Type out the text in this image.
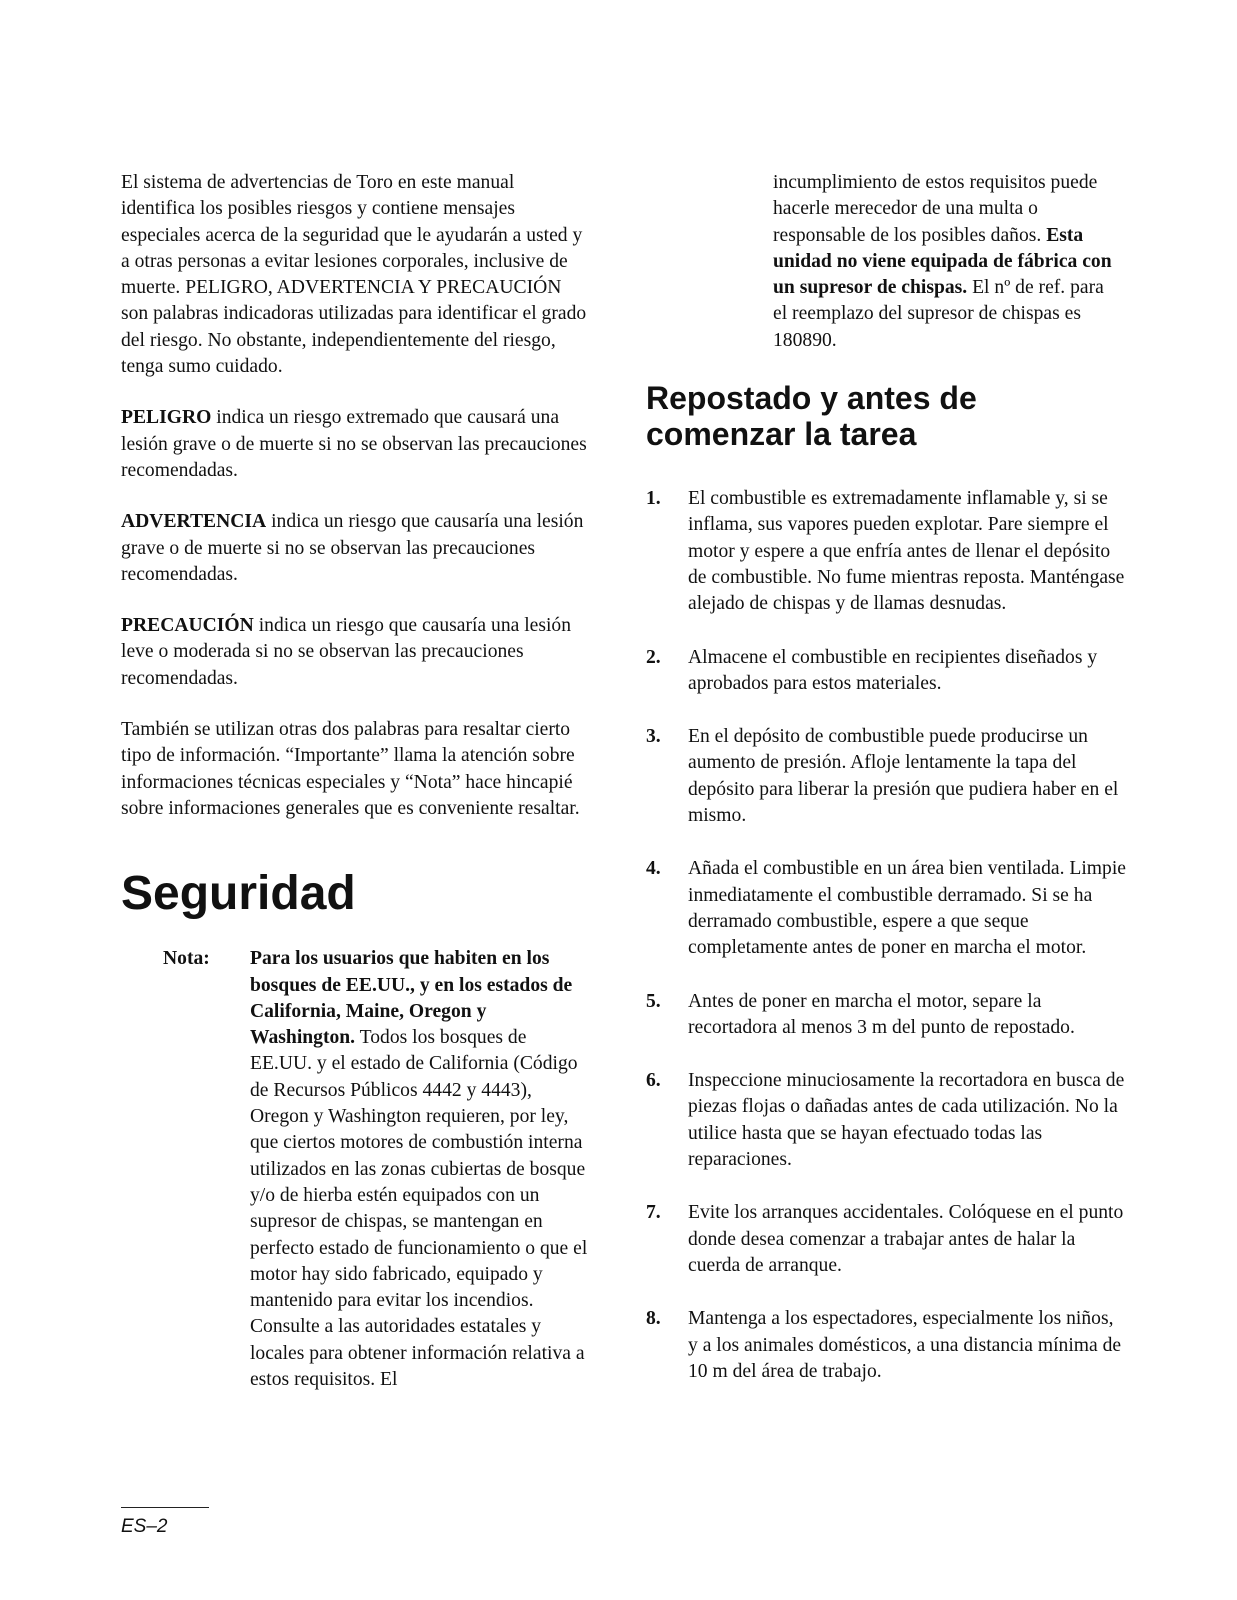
El sistema de advertencias de Toro en este manual identifica los posibles riesgos y contiene mensajes especiales acerca de la seguridad que le ayudarán a usted y a otras personas a evitar lesiones corporales, inclusive de muerte. PELIGRO, ADVERTENCIA Y PRECAUCIÓN son palabras indicadoras utilizadas para identificar el grado del riesgo. No obstante, independientemente del riesgo, tenga sumo cuidado.

PELIGRO indica un riesgo extremado que causará una lesión grave o de muerte si no se observan las precauciones recomendadas.

ADVERTENCIA indica un riesgo que causaría una lesión grave o de muerte si no se observan las precauciones recomendadas.

PRECAUCIÓN indica un riesgo que causaría una lesión leve o moderada si no se observan las precauciones recomendadas.

También se utilizan otras dos palabras para resaltar cierto tipo de información. “Importante” llama la atención sobre informaciones técnicas especiales y “Nota” hace hincapié sobre informaciones generales que es conveniente resaltar.

Seguridad
Nota:	Para los usuarios que habiten en los bosques de EE.UU., y en los estados de California, Maine, Oregon y Washington. Todos los bosques de EE.UU. y el estado de California (Código de Recursos Públicos 4442 y 4443), Oregon y Washington requieren, por ley, que ciertos motores de combustión interna utilizados en las zonas cubiertas de bosque y/o de hierba estén equipados con un supresor de chispas, se mantengan en perfecto estado de funcionamiento o que el motor hay sido fabricado, equipado y mantenido para evitar los incendios. Consulte a las autoridades estatales y locales para obtener información relativa a estos requisitos. El
incumplimiento de estos requisitos puede hacerle merecedor de una multa o responsable de los posibles daños. Esta unidad no viene equipada de fábrica con un supresor de chispas. El nº de ref. para el reemplazo del supresor de chispas es 180890.
Repostado y antes de comenzar la tarea
1.	El combustible es extremadamente inflamable y, si se inflama, sus vapores pueden explotar. Pare siempre el motor y espere a que enfría antes de llenar el depósito de combustible. No fume mientras reposta. Manténgase alejado de chispas y de llamas desnudas.
2.	Almacene el combustible en recipientes diseñados y aprobados para estos materiales.
3.	En el depósito de combustible puede producirse un aumento de presión. Afloje lentamente la tapa del depósito para liberar la presión que pudiera haber en el mismo.
4.	Añada el combustible en un área bien ventilada. Limpie inmediatamente el combustible derramado. Si se ha derramado combustible, espere a que seque completamente antes de poner en marcha el motor.
5.	Antes de poner en marcha el motor, separe la recortadora al menos 3 m del punto de repostado.
6.	Inspeccione minuciosamente la recortadora en busca de piezas flojas o dañadas antes de cada utilización. No la utilice hasta que se hayan efectuado todas las reparaciones.
7.	Evite los arranques accidentales. Colóquese en el punto donde desea comenzar a trabajar antes de halar la cuerda de arranque.
8.	Mantenga a los espectadores, especialmente los niños, y a los animales domésticos, a una distancia mínima de 10 m del área de trabajo.
ES–2
